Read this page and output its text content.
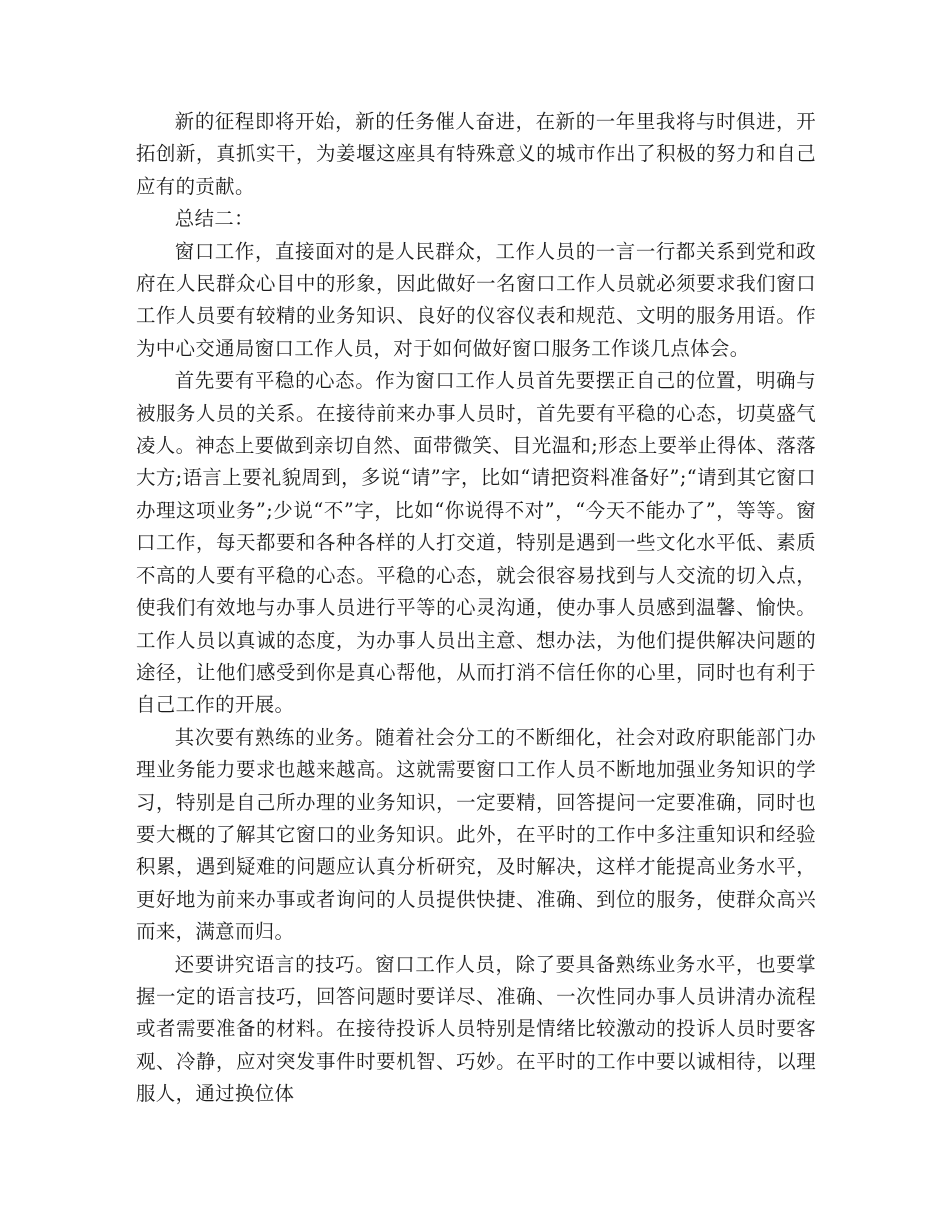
新的征程即将开始，新的任务催人奋进，在新的一年里我将与时俱进，开拓创新，真抓实干，为姜堰这座具有特殊意义的城市作出了积极的努力和自己应有的贡献。

总结二：

窗口工作，直接面对的是人民群众，工作人员的一言一行都关系到党和政府在人民群众心目中的形象，因此做好一名窗口工作人员就必须要求我们窗口工作人员要有较精的业务知识、良好的仪容仪表和规范、文明的服务用语。作为中心交通局窗口工作人员，对于如何做好窗口服务工作谈几点体会。

首先要有平稳的心态。作为窗口工作人员首先要摆正自己的位置，明确与被服务人员的关系。在接待前来办事人员时，首先要有平稳的心态，切莫盛气凌人。神态上要做到亲切自然、面带微笑、目光温和;形态上要举止得体、落落大方;语言上要礼貌周到，多说“请”字，比如“请把资料准备好”;“请到其它窗口办理这项业务”;少说“不”字，比如“你说得不对”，“今天不能办了”，等等。窗口工作，每天都要和各种各样的人打交道，特别是遇到一些文化水平低、素质不高的人要有平稳的心态。平稳的心态，就会很容易找到与人交流的切入点，使我们有效地与办事人员进行平等的心灵沟通，使办事人员感到温馨、愉快。工作人员以真诚的态度，为办事人员出主意、想办法，为他们提供解决问题的途径，让他们感受到你是真心帮他，从而打消不信任你的心里，同时也有利于自己工作的开展。

其次要有熟练的业务。随着社会分工的不断细化，社会对政府职能部门办理业务能力要求也越来越高。这就需要窗口工作人员不断地加强业务知识的学习，特别是自己所办理的业务知识，一定要精，回答提问一定要准确，同时也要大概的了解其它窗口的业务知识。此外，在平时的工作中多注重知识和经验积累，遇到疑难的问题应认真分析研究，及时解决，这样才能提高业务水平，更好地为前来办事或者询问的人员提供快捷、准确、到位的服务，使群众高兴而来，满意而归。

还要讲究语言的技巧。窗口工作人员，除了要具备熟练业务水平，也要掌握一定的语言技巧，回答问题时要详尽、准确、一次性同办事人员讲清办流程或者需要准备的材料。在接待投诉人员特别是情绪比较激动的投诉人员时要客观、冷静，应对突发事件时要机智、巧妙。在平时的工作中要以诚相待，以理服人，通过换位体
